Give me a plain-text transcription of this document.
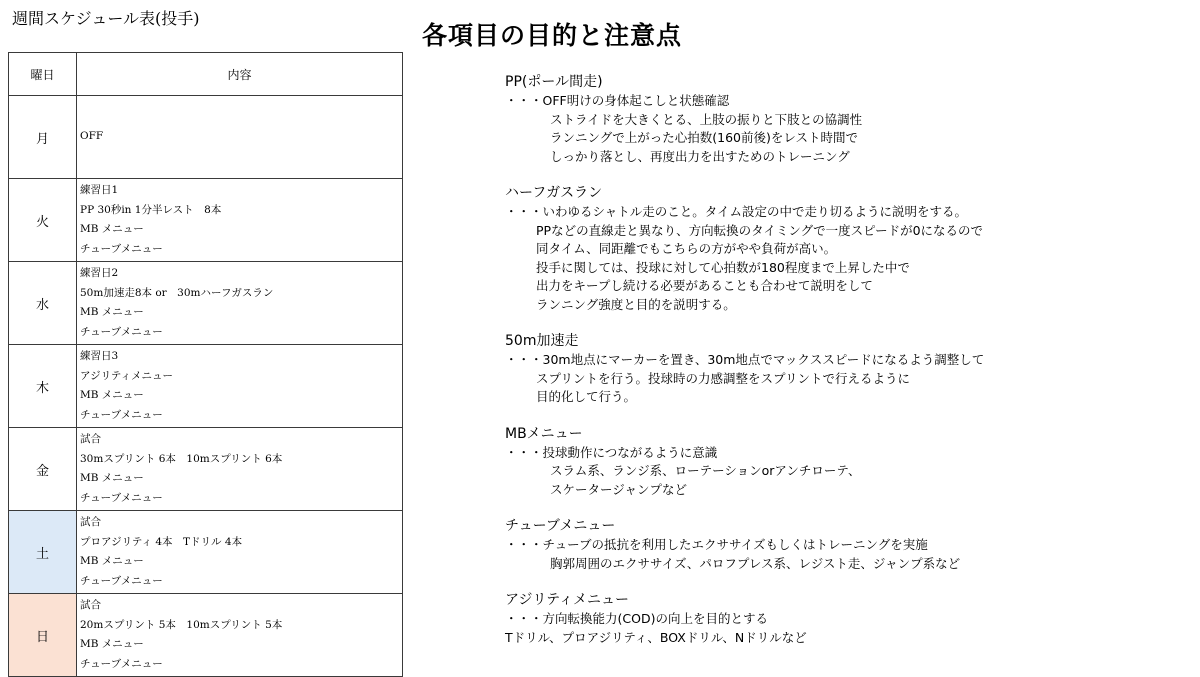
週間スケジュール表(投手)
曜日	内容
月	OFF

火	練習日1
PP 30秒in 1分半レスト　8本
MB メニュー
チューブメニュー

水	練習日2
50m加速走8本 or　30mハーフガスラン
MB メニュー
チューブメニュー

木	練習日3
アジリティメニュー
MB メニュー
チューブメニュー

金	試合
30mスプリント 6本　10mスプリント 6本
MB メニュー
チューブメニュー

土	試合
プロアジリティ 4本　Tドリル 4本
MB メニュー
チューブメニュー

日	試合
20mスプリント 5本　10mスプリント 5本
MB メニュー
チューブメニュー
各項目の目的と注意点
PP(ポール間走)
・・・OFF明けの身体起こしと状態確認
ストライドを大きくとる、上肢の振りと下肢との協調性
ランニングで上がった心拍数(160前後)をレスト時間で
しっかり落とし、再度出力を出すためのトレーニング
ハーフガスラン
・・・いわゆるシャトル走のこと。タイム設定の中で走り切るように説明をする。
PPなどの直線走と異なり、方向転換のタイミングで一度スピードが0になるので
同タイム、同距離でもこちらの方がやや負荷が高い。
投手に関しては、投球に対して心拍数が180程度まで上昇した中で
出力をキープし続ける必要があることも合わせて説明をして
ランニング強度と目的を説明する。
50m加速走
・・・30m地点にマーカーを置き、30m地点でマックススピードになるよう調整して
スプリントを行う。投球時の力感調整をスプリントで行えるように
目的化して行う。
MBメニュー
・・・投球動作につながるように意識
スラム系、ランジ系、ローテーションorアンチローテ、
スケータージャンプなど
チューブメニュー
・・・チューブの抵抗を利用したエクササイズもしくはトレーニングを実施
胸郭周囲のエクササイズ、パロフプレス系、レジスト走、ジャンプ系など
アジリティメニュー
・・・方向転換能力(COD)の向上を目的とする
Tドリル、プロアジリティ、BOXドリル、Nドリルなど
